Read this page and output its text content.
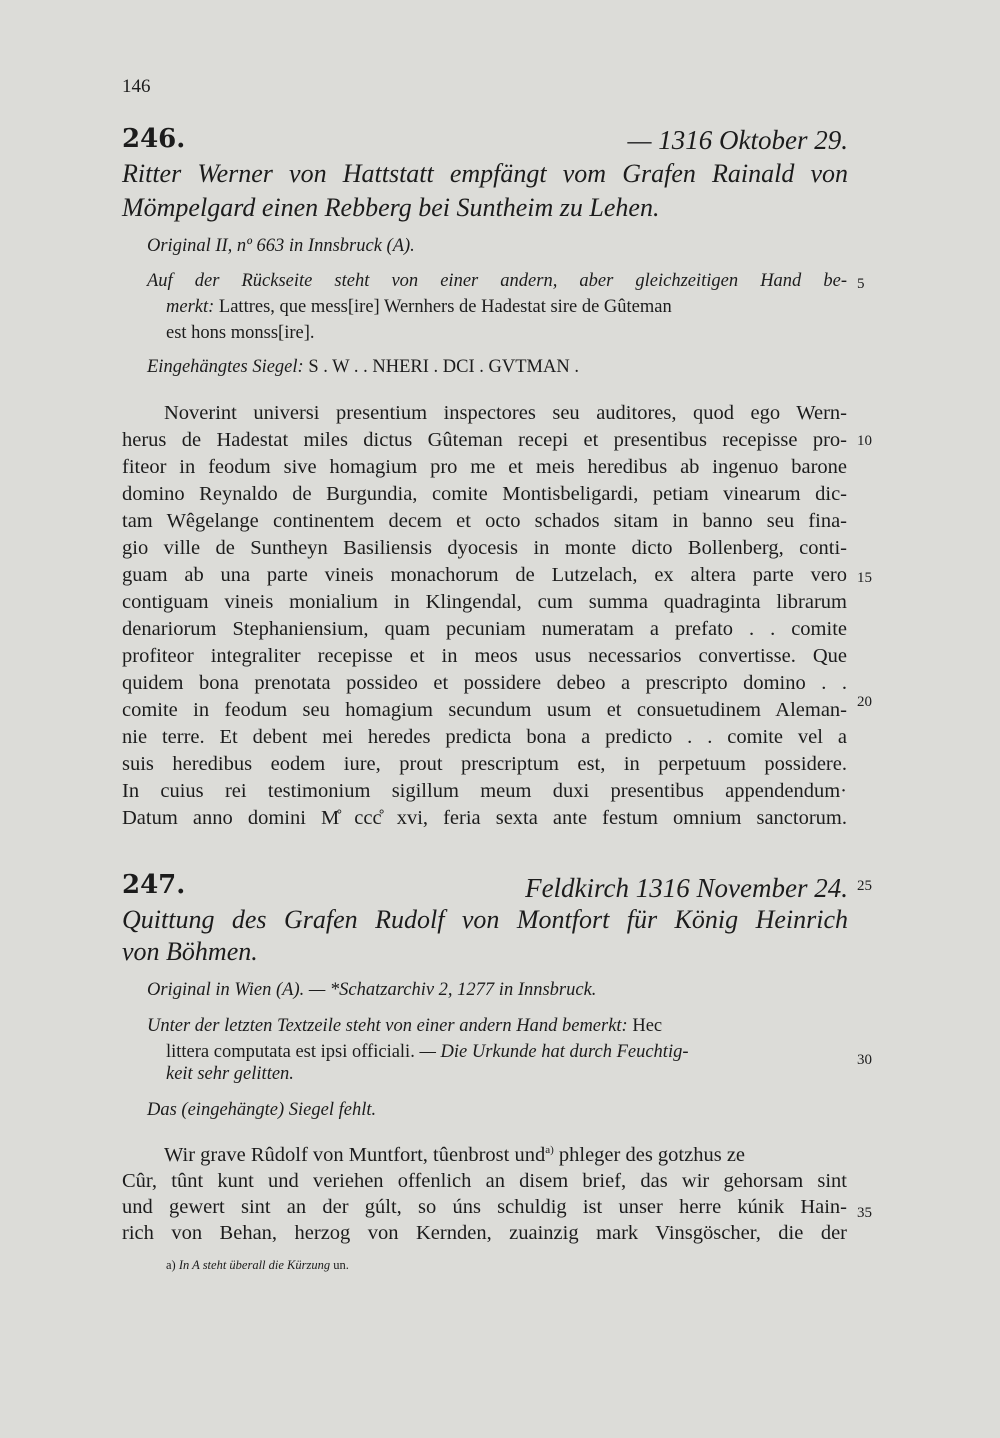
146
246.	— 1316 Oktober 29.
Ritter Werner von Hattstatt empfängt vom Grafen Rainald von
Mömpelgard einen Rebberg bei Suntheim zu Lehen.
Original II, nº 663 in Innsbruck (A).
Auf der Rückseite steht von einer andern, aber gleichzeitigen Hand be-
merkt: Lattres, que mess[ire] Wernhers de Hadestat sire de Gûteman
est hons monss[ire].
Eingehängtes Siegel: S . W . . NHERI . DCI . GVTMAN .
Noverint universi presentium inspectores seu auditores, quod ego Wern-
herus de Hadestat miles dictus Gûteman recepi et presentibus recepisse pro-
fiteor in feodum sive homagium pro me et meis heredibus ab ingenuo barone
domino Reynaldo de Burgundia, comite Montisbeligardi, petiam vinearum dic-
tam Wêgelange continentem decem et octo schados sitam in banno seu fina-
gio ville de Suntheyn Basiliensis dyocesis in monte dicto Bollenberg, conti-
guam ab una parte vineis monachorum de Lutzelach, ex altera parte vero
contiguam vineis monialium in Klingendal, cum summa quadraginta librarum
denariorum Stephaniensium, quam pecuniam numeratam a prefato . . comite
profiteor integraliter recepisse et in meos usus necessarios convertisse. Que
quidem bona prenotata possideo et possidere debeo a prescripto domino . .
comite in feodum seu homagium secundum usum et consuetudinem Aleman-
nie terre. Et debent mei heredes predicta bona a predicto . . comite vel a
suis heredibus eodem iure, prout prescriptum est, in perpetuum possidere.
In cuius rei testimonium sigillum meum duxi presentibus appendendum·
Datum anno domini M̊ ccc̊ xvi, feria sexta ante festum omnium sanctorum.
247.	Feldkirch 1316 November 24.
Quittung des Grafen Rudolf von Montfort für König Heinrich
von Böhmen.
Original in Wien (A). — *Schatzarchiv 2, 1277 in Innsbruck.
Unter der letzten Textzeile steht von einer andern Hand bemerkt: Hec
littera computata est ipsi officiali. — Die Urkunde hat durch Feuchtig-
keit sehr gelitten.
Das (eingehängte) Siegel fehlt.
Wir grave Rûdolf von Muntfort, tûenbrost und$^{a)}$ phleger des gotzhus ze
Cûr, tûnt kunt und veriehen offenlich an disem brief, das wir gehorsam sint
und gewert sint an der gúlt, so úns schuldig ist unser herre kúnik Hain-
rich von Behan, herzog von Kernden, zuainzig mark Vinsgöscher, die der
a) In A steht überall die Kürzung un.
5
10
15
20
25
30
35
